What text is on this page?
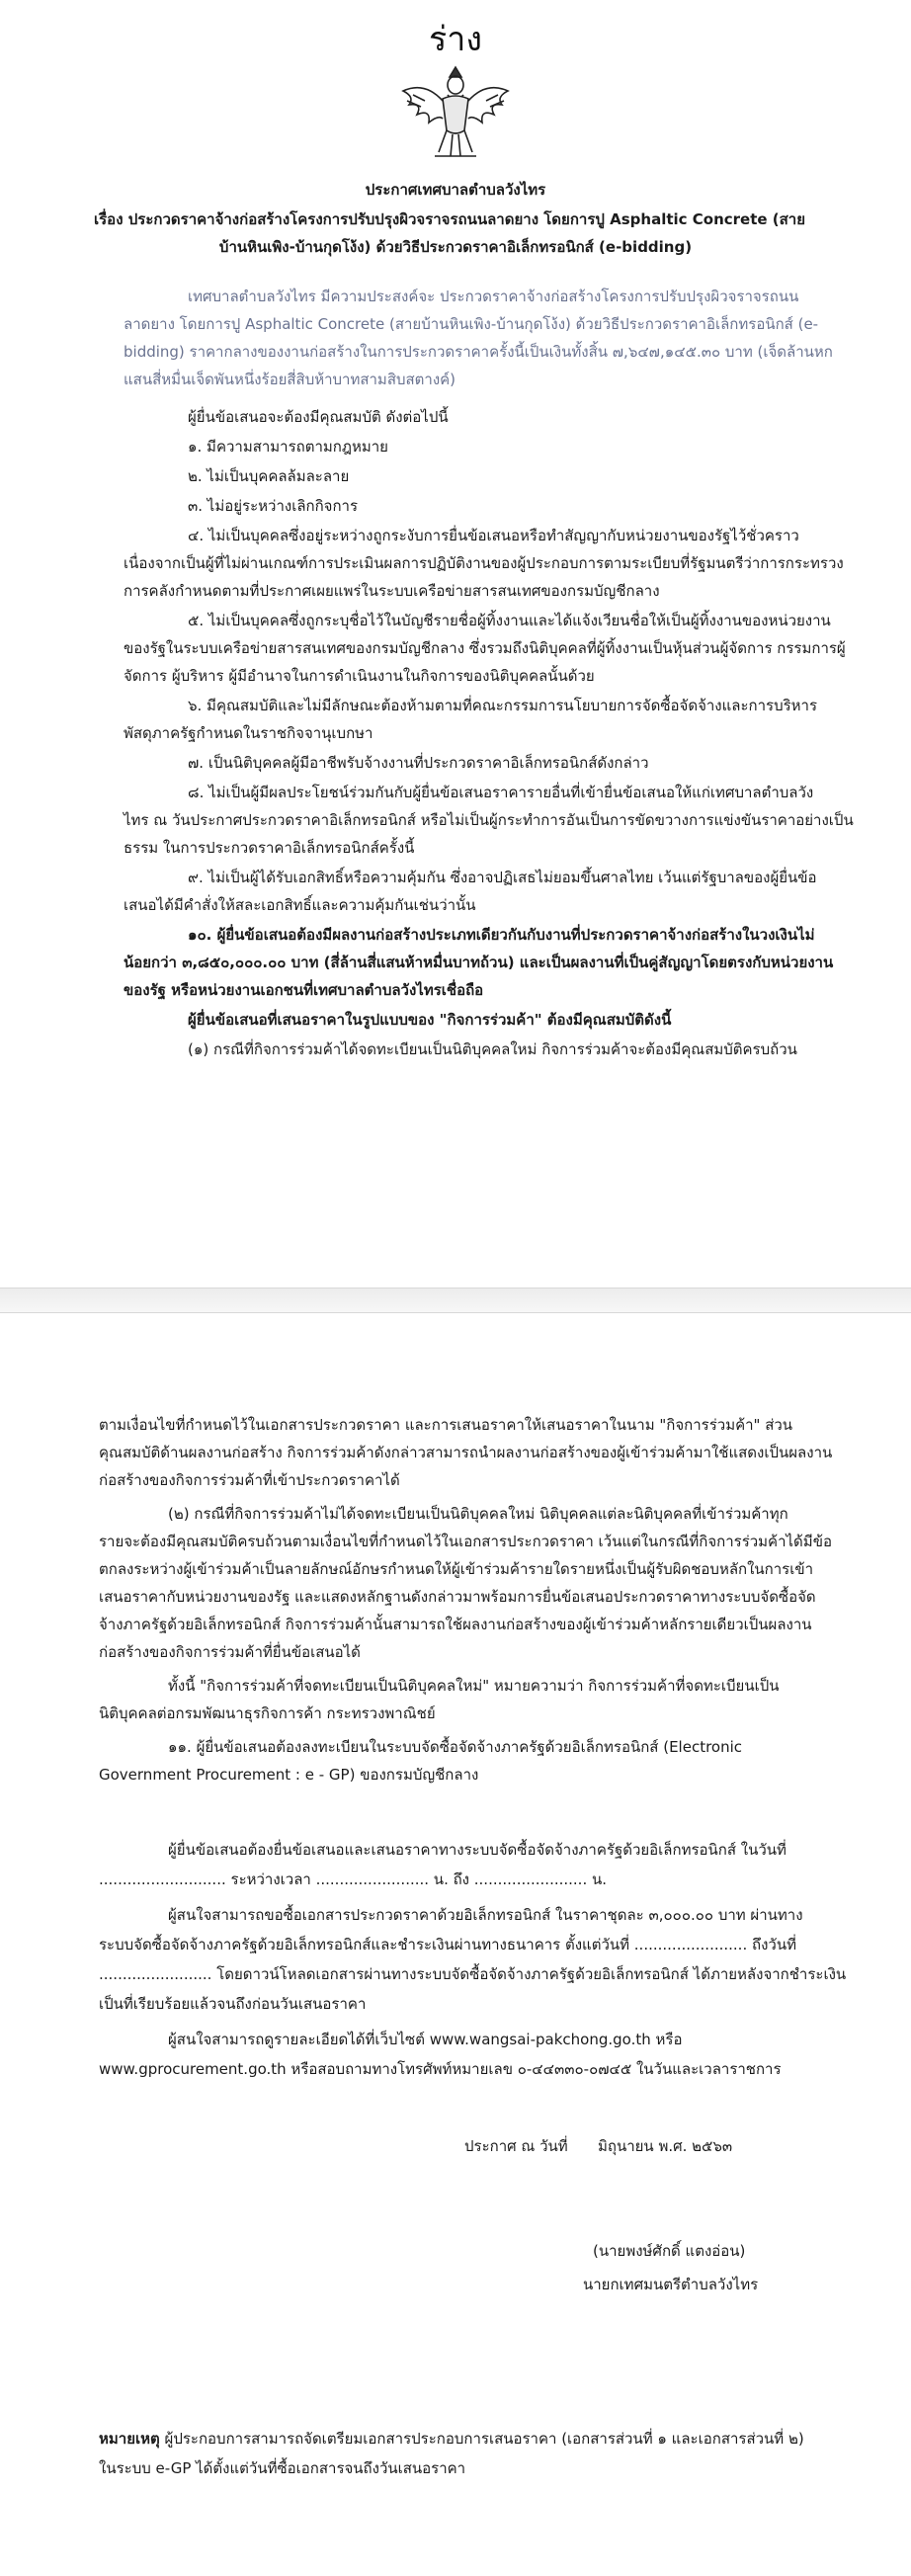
ร่าง

ประกาศเทศบาลตำบลวังไทร

เรื่อง ประกวดราคาจ้างก่อสร้างโครงการปรับปรุงผิวจราจรถนนลาดยาง โดยการปู Asphaltic Concrete (สาย

บ้านหินเพิง-บ้านกุดโง้ง) ด้วยวิธีประกวดราคาอิเล็กทรอนิกส์ (e-bidding)

เทศบาลตำบลวังไทร มีความประสงค์จะ ประกวดราคาจ้างก่อสร้างโครงการปรับปรุงผิวจราจรถนน

ลาดยาง โดยการปู Asphaltic Concrete (สายบ้านหินเพิง-บ้านกุดโง้ง) ด้วยวิธีประกวดราคาอิเล็กทรอนิกส์ (e-

bidding) ราคากลางของงานก่อสร้างในการประกวดราคาครั้งนี้เป็นเงินทั้งสิ้น ๗,๖๔๗,๑๔๕.๓๐ บาท (เจ็ดล้านหก

แสนสี่หมื่นเจ็ดพันหนึ่งร้อยสี่สิบห้าบาทสามสิบสตางค์)

ผู้ยื่นข้อเสนอจะต้องมีคุณสมบัติ ดังต่อไปนี้

๑. มีความสามารถตามกฎหมาย

๒. ไม่เป็นบุคคลล้มละลาย

๓. ไม่อยู่ระหว่างเลิกกิจการ

๔. ไม่เป็นบุคคลซึ่งอยู่ระหว่างถูกระงับการยื่นข้อเสนอหรือทำสัญญากับหน่วยงานของรัฐไว้ชั่วคราว

เนื่องจากเป็นผู้ที่ไม่ผ่านเกณฑ์การประเมินผลการปฏิบัติงานของผู้ประกอบการตามระเบียบที่รัฐมนตรีว่าการกระทรวง

การคลังกำหนดตามที่ประกาศเผยแพร่ในระบบเครือข่ายสารสนเทศของกรมบัญชีกลาง

๕. ไม่เป็นบุคคลซึ่งถูกระบุชื่อไว้ในบัญชีรายชื่อผู้ทิ้งงานและได้แจ้งเวียนชื่อให้เป็นผู้ทิ้งงานของหน่วยงาน

ของรัฐในระบบเครือข่ายสารสนเทศของกรมบัญชีกลาง ซึ่งรวมถึงนิติบุคคลที่ผู้ทิ้งงานเป็นหุ้นส่วนผู้จัดการ กรรมการผู้

จัดการ ผู้บริหาร ผู้มีอำนาจในการดำเนินงานในกิจการของนิติบุคคลนั้นด้วย

๖. มีคุณสมบัติและไม่มีลักษณะต้องห้ามตามที่คณะกรรมการนโยบายการจัดซื้อจัดจ้างและการบริหาร

พัสดุภาครัฐกำหนดในราชกิจจานุเบกษา

๗. เป็นนิติบุคคลผู้มีอาชีพรับจ้างงานที่ประกวดราคาอิเล็กทรอนิกส์ดังกล่าว

๘. ไม่เป็นผู้มีผลประโยชน์ร่วมกันกับผู้ยื่นข้อเสนอราคารายอื่นที่เข้ายื่นข้อเสนอให้แก่เทศบาลตำบลวัง

ไทร ณ วันประกาศประกวดราคาอิเล็กทรอนิกส์ หรือไม่เป็นผู้กระทำการอันเป็นการขัดขวางการแข่งขันราคาอย่างเป็น

ธรรม ในการประกวดราคาอิเล็กทรอนิกส์ครั้งนี้

๙. ไม่เป็นผู้ได้รับเอกสิทธิ์หรือความคุ้มกัน ซึ่งอาจปฏิเสธไม่ยอมขึ้นศาลไทย เว้นแต่รัฐบาลของผู้ยื่นข้อ

เสนอได้มีคำสั่งให้สละเอกสิทธิ์และความคุ้มกันเช่นว่านั้น

๑๐. ผู้ยื่นข้อเสนอต้องมีผลงานก่อสร้างประเภทเดียวกันกับงานที่ประกวดราคาจ้างก่อสร้างในวงเงินไม่

น้อยกว่า ๓,๘๕๐,๐๐๐.๐๐ บาท (สี่ล้านสี่แสนห้าหมื่นบาทถ้วน) และเป็นผลงานที่เป็นคู่สัญญาโดยตรงกับหน่วยงาน

ของรัฐ หรือหน่วยงานเอกชนที่เทศบาลตำบลวังไทรเชื่อถือ

ผู้ยื่นข้อเสนอที่เสนอราคาในรูปแบบของ "กิจการร่วมค้า" ต้องมีคุณสมบัติดังนี้

(๑) กรณีที่กิจการร่วมค้าได้จดทะเบียนเป็นนิติบุคคลใหม่ กิจการร่วมค้าจะต้องมีคุณสมบัติครบถ้วน

ตามเงื่อนไขที่กำหนดไว้ในเอกสารประกวดราคา และการเสนอราคาให้เสนอราคาในนาม "กิจการร่วมค้า" ส่วน

คุณสมบัติด้านผลงานก่อสร้าง กิจการร่วมค้าดังกล่าวสามารถนำผลงานก่อสร้างของผู้เข้าร่วมค้ามาใช้แสดงเป็นผลงาน

ก่อสร้างของกิจการร่วมค้าที่เข้าประกวดราคาได้

(๒) กรณีที่กิจการร่วมค้าไม่ได้จดทะเบียนเป็นนิติบุคคลใหม่ นิติบุคคลแต่ละนิติบุคคลที่เข้าร่วมค้าทุก

รายจะต้องมีคุณสมบัติครบถ้วนตามเงื่อนไขที่กำหนดไว้ในเอกสารประกวดราคา เว้นแต่ในกรณีที่กิจการร่วมค้าได้มีข้อ

ตกลงระหว่างผู้เข้าร่วมค้าเป็นลายลักษณ์อักษรกำหนดให้ผู้เข้าร่วมค้ารายใดรายหนึ่งเป็นผู้รับผิดชอบหลักในการเข้า

เสนอราคากับหน่วยงานของรัฐ และแสดงหลักฐานดังกล่าวมาพร้อมการยื่นข้อเสนอประกวดราคาทางระบบจัดซื้อจัด

จ้างภาครัฐด้วยอิเล็กทรอนิกส์ กิจการร่วมค้านั้นสามารถใช้ผลงานก่อสร้างของผู้เข้าร่วมค้าหลักรายเดียวเป็นผลงาน

ก่อสร้างของกิจการร่วมค้าที่ยื่นข้อเสนอได้

ทั้งนี้ "กิจการร่วมค้าที่จดทะเบียนเป็นนิติบุคคลใหม่" หมายความว่า กิจการร่วมค้าที่จดทะเบียนเป็น

นิติบุคคลต่อกรมพัฒนาธุรกิจการค้า กระทรวงพาณิชย์

๑๑. ผู้ยื่นข้อเสนอต้องลงทะเบียนในระบบจัดซื้อจัดจ้างภาครัฐด้วยอิเล็กทรอนิกส์ (Electronic

Government Procurement : e - GP) ของกรมบัญชีกลาง

ผู้ยื่นข้อเสนอต้องยื่นข้อเสนอและเสนอราคาทางระบบจัดซื้อจัดจ้างภาครัฐด้วยอิเล็กทรอนิกส์ ในวันที่

........................... ระหว่างเวลา ........................ น. ถึง ........................ น.

ผู้สนใจสามารถขอซื้อเอกสารประกวดราคาด้วยอิเล็กทรอนิกส์ ในราคาชุดละ ๓,๐๐๐.๐๐ บาท ผ่านทาง

ระบบจัดซื้อจัดจ้างภาครัฐด้วยอิเล็กทรอนิกส์และชำระเงินผ่านทางธนาคาร ตั้งแต่วันที่ ........................ ถึงวันที่

........................ โดยดาวน์โหลดเอกสารผ่านทางระบบจัดซื้อจัดจ้างภาครัฐด้วยอิเล็กทรอนิกส์ ได้ภายหลังจากชำระเงิน

เป็นที่เรียบร้อยแล้วจนถึงก่อนวันเสนอราคา

ผู้สนใจสามารถดูรายละเอียดได้ที่เว็บไซต์ www.wangsai-pakchong.go.th หรือ

www.gprocurement.go.th หรือสอบถามทางโทรศัพท์หมายเลข ๐-๔๔๓๓๐-๐๗๔๕ ในวันและเวลาราชการ

ประกาศ ณ วันที่ มิถุนายน พ.ศ. ๒๕๖๓

(นายพงษ์ศักดิ์ แตงอ่อน)

นายกเทศมนตรีตำบลวังไทร

หมายเหตุ ผู้ประกอบการสามารถจัดเตรียมเอกสารประกอบการเสนอราคา (เอกสารส่วนที่ ๑ และเอกสารส่วนที่ ๒)

ในระบบ e-GP ได้ตั้งแต่วันที่ซื้อเอกสารจนถึงวันเสนอราคา
